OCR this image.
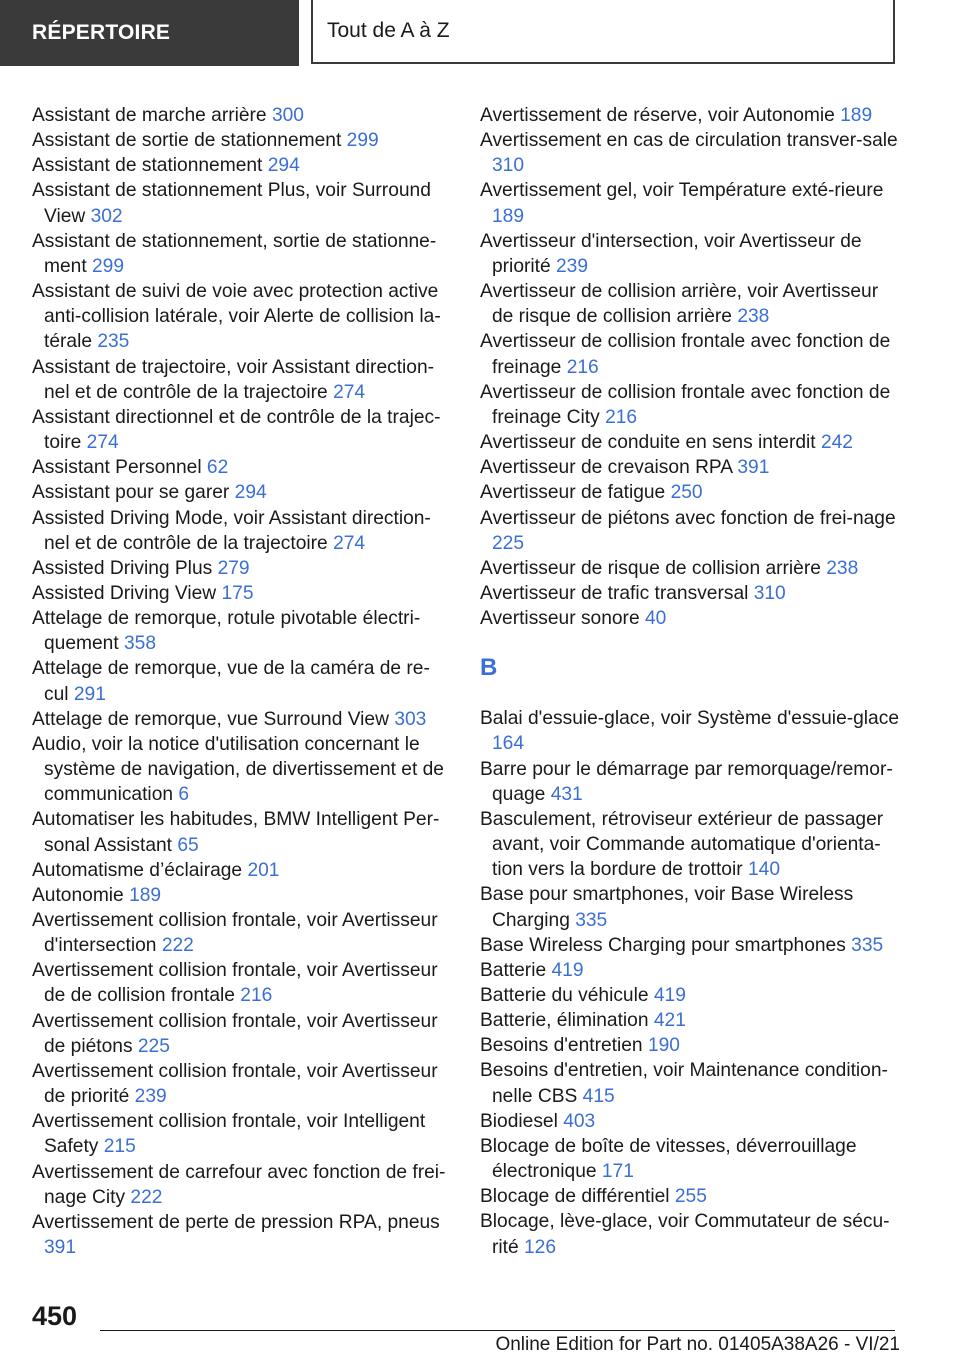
RÉPERTOIRE	Tout de A à Z

Assistant de marche arrière 300

Assistant de sortie de stationnement 299

Assistant de stationnement 294

Assistant de stationnement Plus, voir Surround View 302

Assistant de stationnement, sortie de stationne-ment 299

Assistant de suivi de voie avec protection active anti-collision latérale, voir Alerte de collision la-térale 235

Assistant de trajectoire, voir Assistant direction-nel et de contrôle de la trajectoire 274

Assistant directionnel et de contrôle de la trajec-toire 274

Assistant Personnel 62

Assistant pour se garer 294

Assisted Driving Mode, voir Assistant direction-nel et de contrôle de la trajectoire 274

Assisted Driving Plus 279

Assisted Driving View 175

Attelage de remorque, rotule pivotable électri-quement 358

Attelage de remorque, vue de la caméra de re-cul 291

Attelage de remorque, vue Surround View 303

Audio, voir la notice d'utilisation concernant le système de navigation, de divertissement et de communication 6

Automatiser les habitudes, BMW Intelligent Per-sonal Assistant 65

Automatisme d’éclairage 201

Autonomie 189

Avertissement collision frontale, voir Avertisseur d'intersection 222

Avertissement collision frontale, voir Avertisseur de de collision frontale 216

Avertissement collision frontale, voir Avertisseur de piétons 225

Avertissement collision frontale, voir Avertisseur de priorité 239

Avertissement collision frontale, voir Intelligent Safety 215

Avertissement de carrefour avec fonction de frei-nage City 222

Avertissement de perte de pression RPA, pneus 391

Avertissement de réserve, voir Autonomie 189

Avertissement en cas de circulation transver-sale 310

Avertissement gel, voir Température exté-rieure 189

Avertisseur d'intersection, voir Avertisseur de priorité 239

Avertisseur de collision arrière, voir Avertisseur de risque de collision arrière 238

Avertisseur de collision frontale avec fonction de freinage 216

Avertisseur de collision frontale avec fonction de freinage City 216

Avertisseur de conduite en sens interdit 242

Avertisseur de crevaison RPA 391

Avertisseur de fatigue 250

Avertisseur de piétons avec fonction de frei-nage 225

Avertisseur de risque de collision arrière 238

Avertisseur de trafic transversal 310

Avertisseur sonore 40

B

Balai d'essuie-glace, voir Système d'essuie-glace 164

Barre pour le démarrage par remorquage/remor-quage 431

Basculement, rétroviseur extérieur de passager avant, voir Commande automatique d'orienta-tion vers la bordure de trottoir 140

Base pour smartphones, voir Base Wireless Charging 335

Base Wireless Charging pour smartphones 335

Batterie 419

Batterie du véhicule 419

Batterie, élimination 421

Besoins d'entretien 190

Besoins d'entretien, voir Maintenance condition-nelle CBS 415

Biodiesel 403

Blocage de boîte de vitesses, déverrouillage électronique 171

Blocage de différentiel 255

Blocage, lève-glace, voir Commutateur de sécu-rité 126

450
Online Edition for Part no. 01405A38A26 - VI/21
